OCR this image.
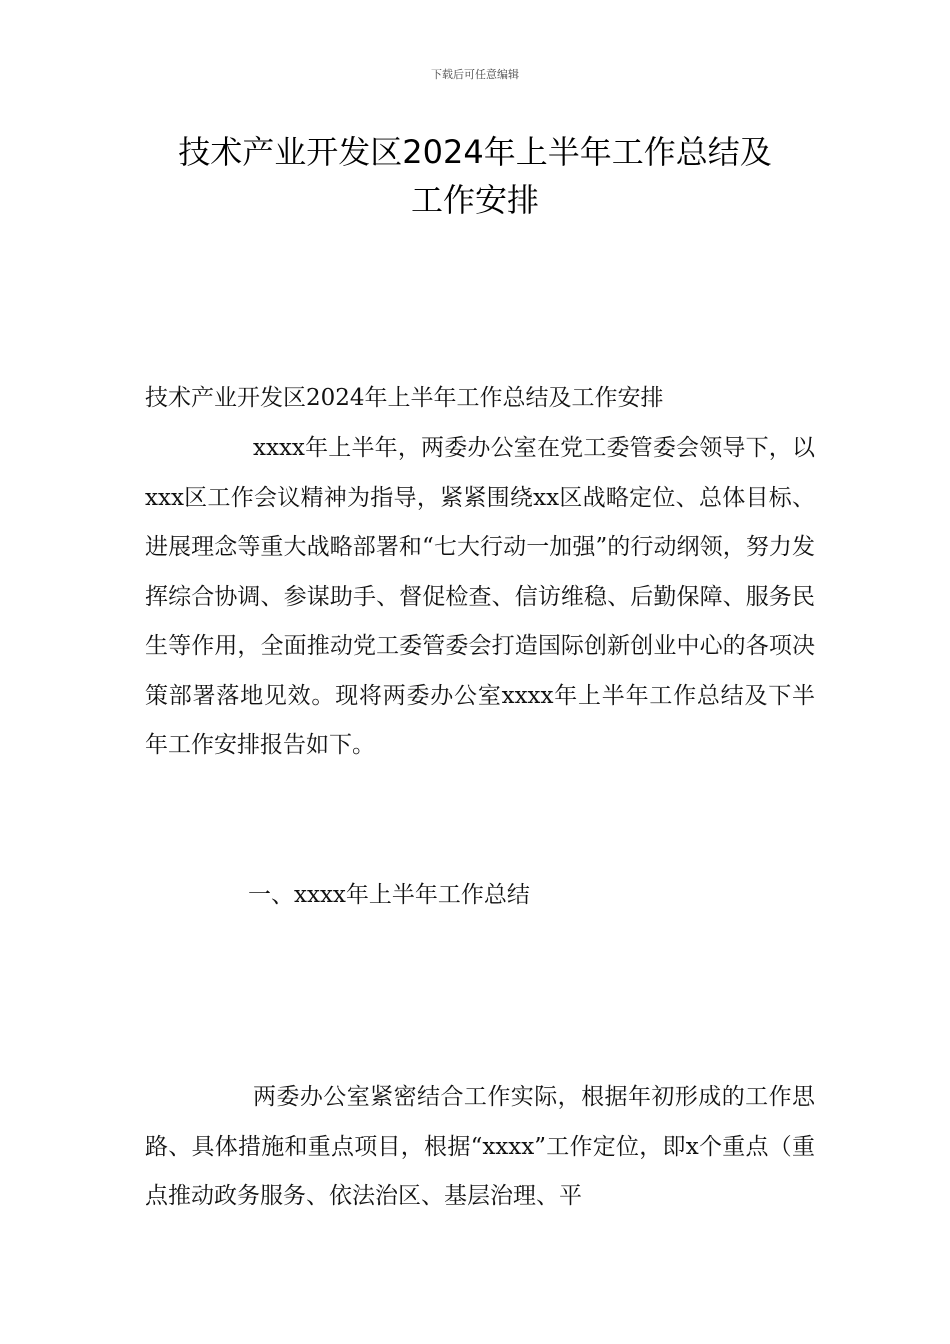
下载后可任意编辑
技术产业开发区2024年上半年工作总结及
工作安排

技术产业开发区2024年上半年工作总结及工作安排

xxxx年上半年，两委办公室在党工委管委会领导下，以xxx区工作会议精神为指导，紧紧围绕xx区战略定位、总体目标、进展理念等重大战略部署和“七大行动一加强”的行动纲领，努力发挥综合协调、参谋助手、督促检查、信访维稳、后勤保障、服务民生等作用，全面推动党工委管委会打造国际创新创业中心的各项决策部署落地见效。现将两委办公室xxxx年上半年工作总结及下半年工作安排报告如下。

一、xxxx年上半年工作总结

两委办公室紧密结合工作实际，根据年初形成的工作思路、具体措施和重点项目，根据“xxxx”工作定位，即x个重点（重点推动政务服务、依法治区、基层治理、平
